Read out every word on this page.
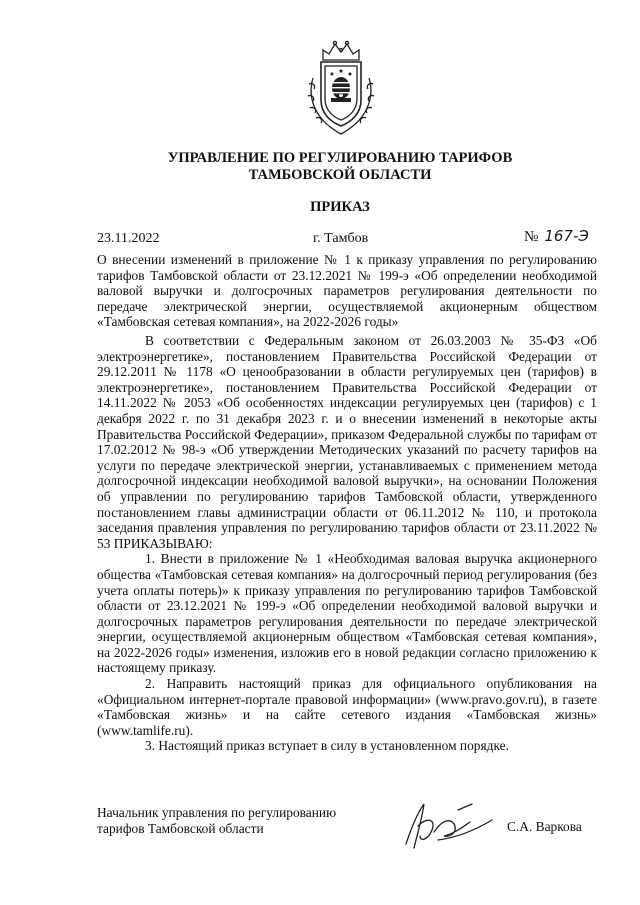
УПРАВЛЕНИЕ ПО РЕГУЛИРОВАНИЮ ТАРИФОВ
ТАМБОВСКОЙ ОБЛАСТИ
ПРИКАЗ
23.11.2022	г. Тамбов	№ 167-Э
О внесении изменений в приложение № 1 к приказу управления по регулированию тарифов Тамбовской области от 23.12.2021 № 199-э «Об определении необходимой валовой выручки и долгосрочных параметров регулирования деятельности по передаче электрической энергии, осуществляемой акционерным обществом «Тамбовская сетевая компания», на 2022-2026 годы»

В соответствии с Федеральным законом от 26.03.2003 № 35-ФЗ «Об электроэнергетике», постановлением Правительства Российской Федерации от 29.12.2011 № 1178 «О ценообразовании в области регулируемых цен (тарифов) в электроэнергетике», постановлением Правительства Российской Федерации от 14.11.2022 № 2053 «Об особенностях индексации регулируемых цен (тарифов) с 1 декабря 2022 г. по 31 декабря 2023 г. и о внесении изменений в некоторые акты Правительства Российской Федерации», приказом Федеральной службы по тарифам от 17.02.2012 № 98-э «Об утверждении Методических указаний по расчету тарифов на услуги по передаче электрической энергии, устанавливаемых с применением метода долгосрочной индексации необходимой валовой выручки», на основании Положения об управлении по регулированию тарифов Тамбовской области, утвержденного постановлением главы администрации области от 06.11.2012 № 110, и протокола заседания правления управления по регулированию тарифов области от 23.11.2022 № 53 ПРИКАЗЫВАЮ:

1. Внести в приложение № 1 «Необходимая валовая выручка акционерного общества «Тамбовская сетевая компания» на долгосрочный период регулирования (без учета оплаты потерь)» к приказу управления по регулированию тарифов Тамбовской области от 23.12.2021 № 199-э «Об определении необходимой валовой выручки и долгосрочных параметров регулирования деятельности по передаче электрической энергии, осуществляемой акционерным обществом «Тамбовская сетевая компания», на 2022-2026 годы» изменения, изложив его в новой редакции согласно приложению к настоящему приказу.

2. Направить настоящий приказ для официального опубликования на «Официальном интернет-портале правовой информации» (www.pravo.gov.ru), в газете «Тамбовская жизнь» и на сайте сетевого издания «Тамбовская жизнь» (www.tamlife.ru).

3. Настоящий приказ вступает в силу в установленном порядке.

Начальник управления по регулированию
тарифов Тамбовской области	С.А. Варкова
